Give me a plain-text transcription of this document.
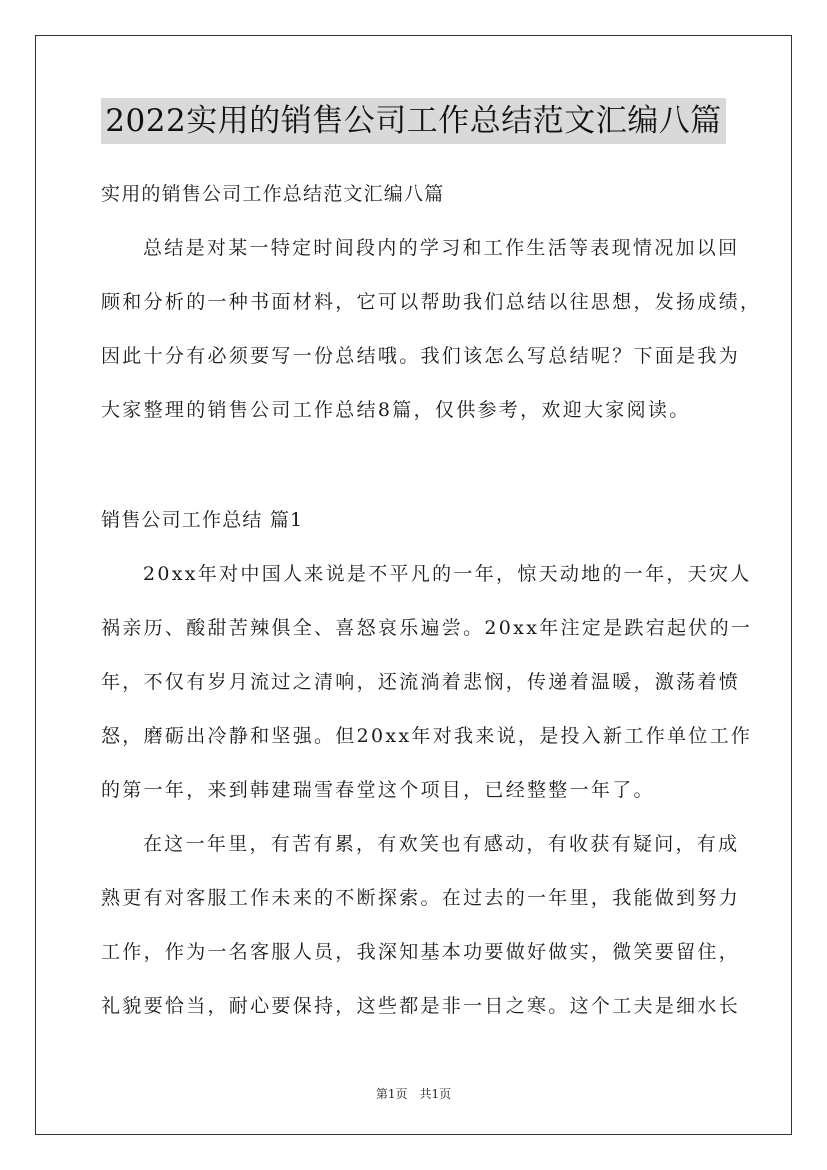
2022实用的销售公司工作总结范文汇编八篇
实用的销售公司工作总结范文汇编八篇
总结是对某一特定时间段内的学习和工作生活等表现情况加以回
顾和分析的一种书面材料，它可以帮助我们总结以往思想，发扬成绩，
因此十分有必须要写一份总结哦。我们该怎么写总结呢？下面是我为
大家整理的销售公司工作总结8篇，仅供参考，欢迎大家阅读。
销售公司工作总结 篇1
20xx年对中国人来说是不平凡的一年，惊天动地的一年，天灾人
祸亲历、酸甜苦辣俱全、喜怒哀乐遍尝。20xx年注定是跌宕起伏的一
年，不仅有岁月流过之清响，还流淌着悲悯，传递着温暖，激荡着愤
怒，磨砺出冷静和坚强。但20xx年对我来说，是投入新工作单位工作
的第一年，来到韩建瑞雪春堂这个项目，已经整整一年了。
在这一年里，有苦有累，有欢笑也有感动，有收获有疑问，有成
熟更有对客服工作未来的不断探索。在过去的一年里，我能做到努力
工作，作为一名客服人员，我深知基本功要做好做实，微笑要留住，
礼貌要恰当，耐心要保持，这些都是非一日之寒。这个工夫是细水长
第1页 共1页
